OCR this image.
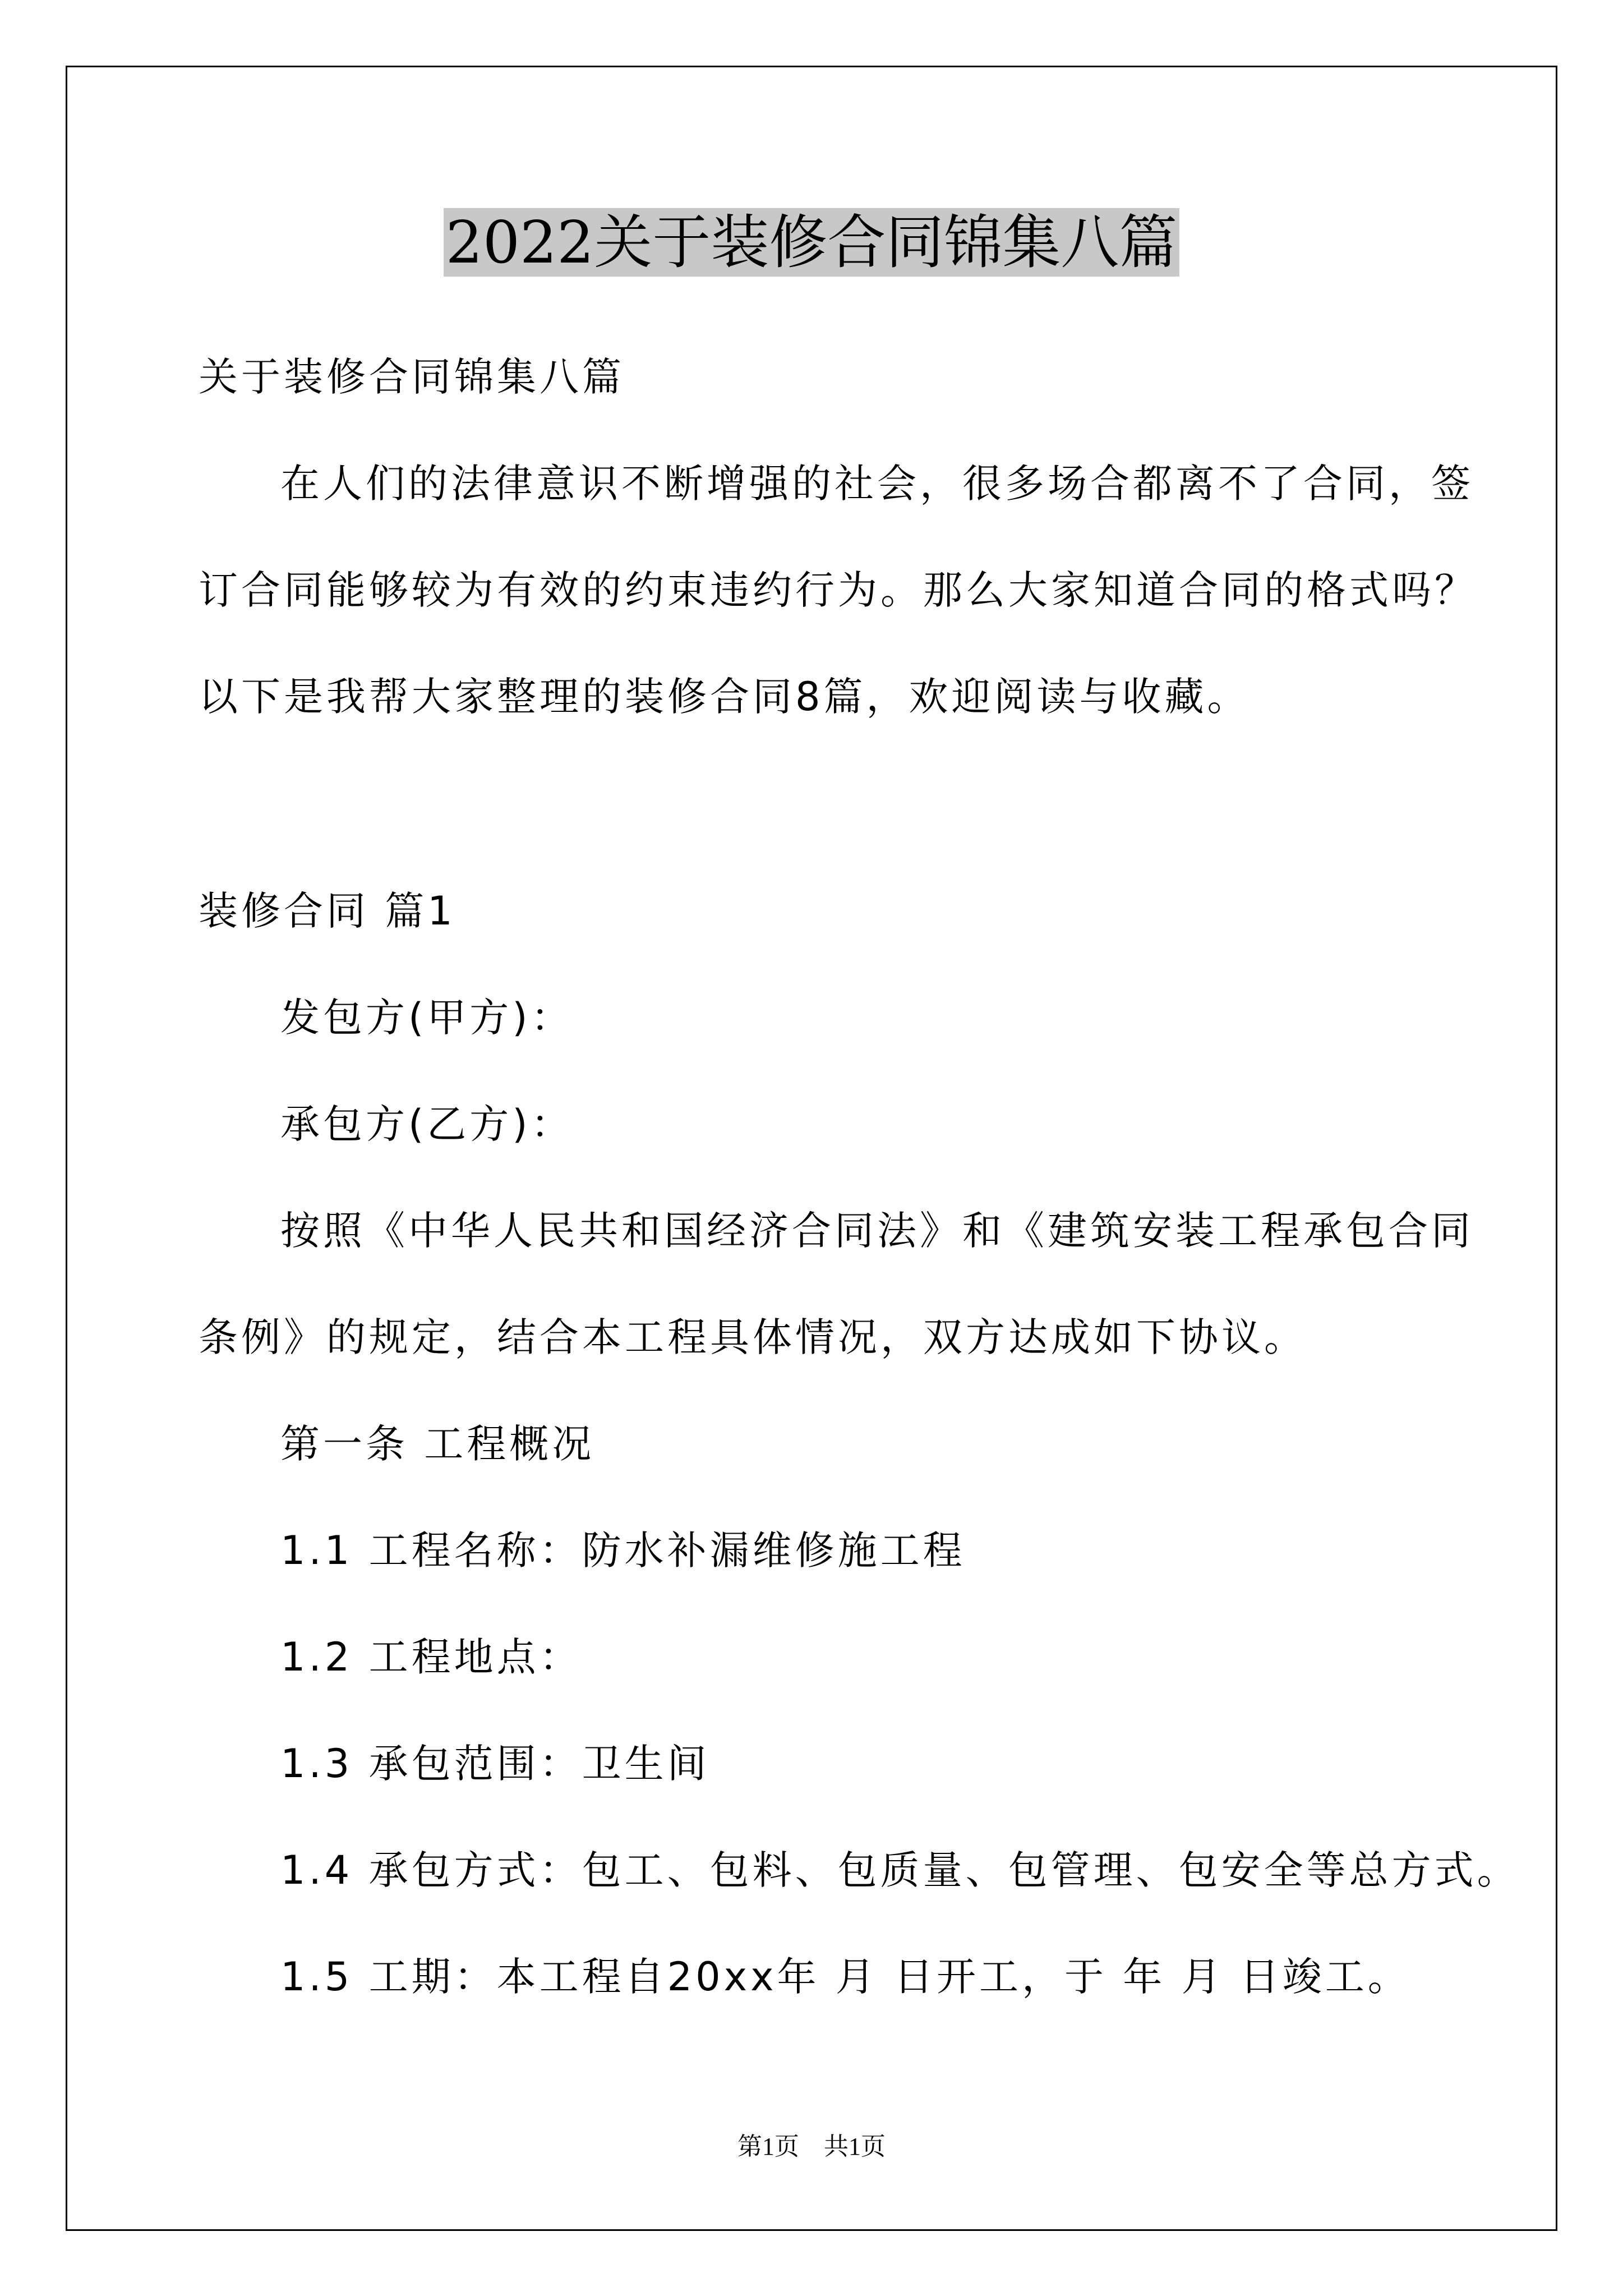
2022关于装修合同锦集八篇
关于装修合同锦集八篇
在人们的法律意识不断增强的社会，很多场合都离不了合同，签
订合同能够较为有效的约束违约行为。那么大家知道合同的格式吗？
以下是我帮大家整理的装修合同8篇，欢迎阅读与收藏。
装修合同 篇1
发包方(甲方)：
承包方(乙方)：
按照《中华人民共和国经济合同法》和《建筑安装工程承包合同
条例》的规定，结合本工程具体情况，双方达成如下协议。
第一条 工程概况
1.1 工程名称：防水补漏维修施工程
1.2 工程地点：
1.3 承包范围：卫生间
1.4 承包方式：包工、包料、包质量、包管理、包安全等总方式。
1.5 工期：本工程自20xx年 月 日开工，于 年 月 日竣工。
第1页　共1页
